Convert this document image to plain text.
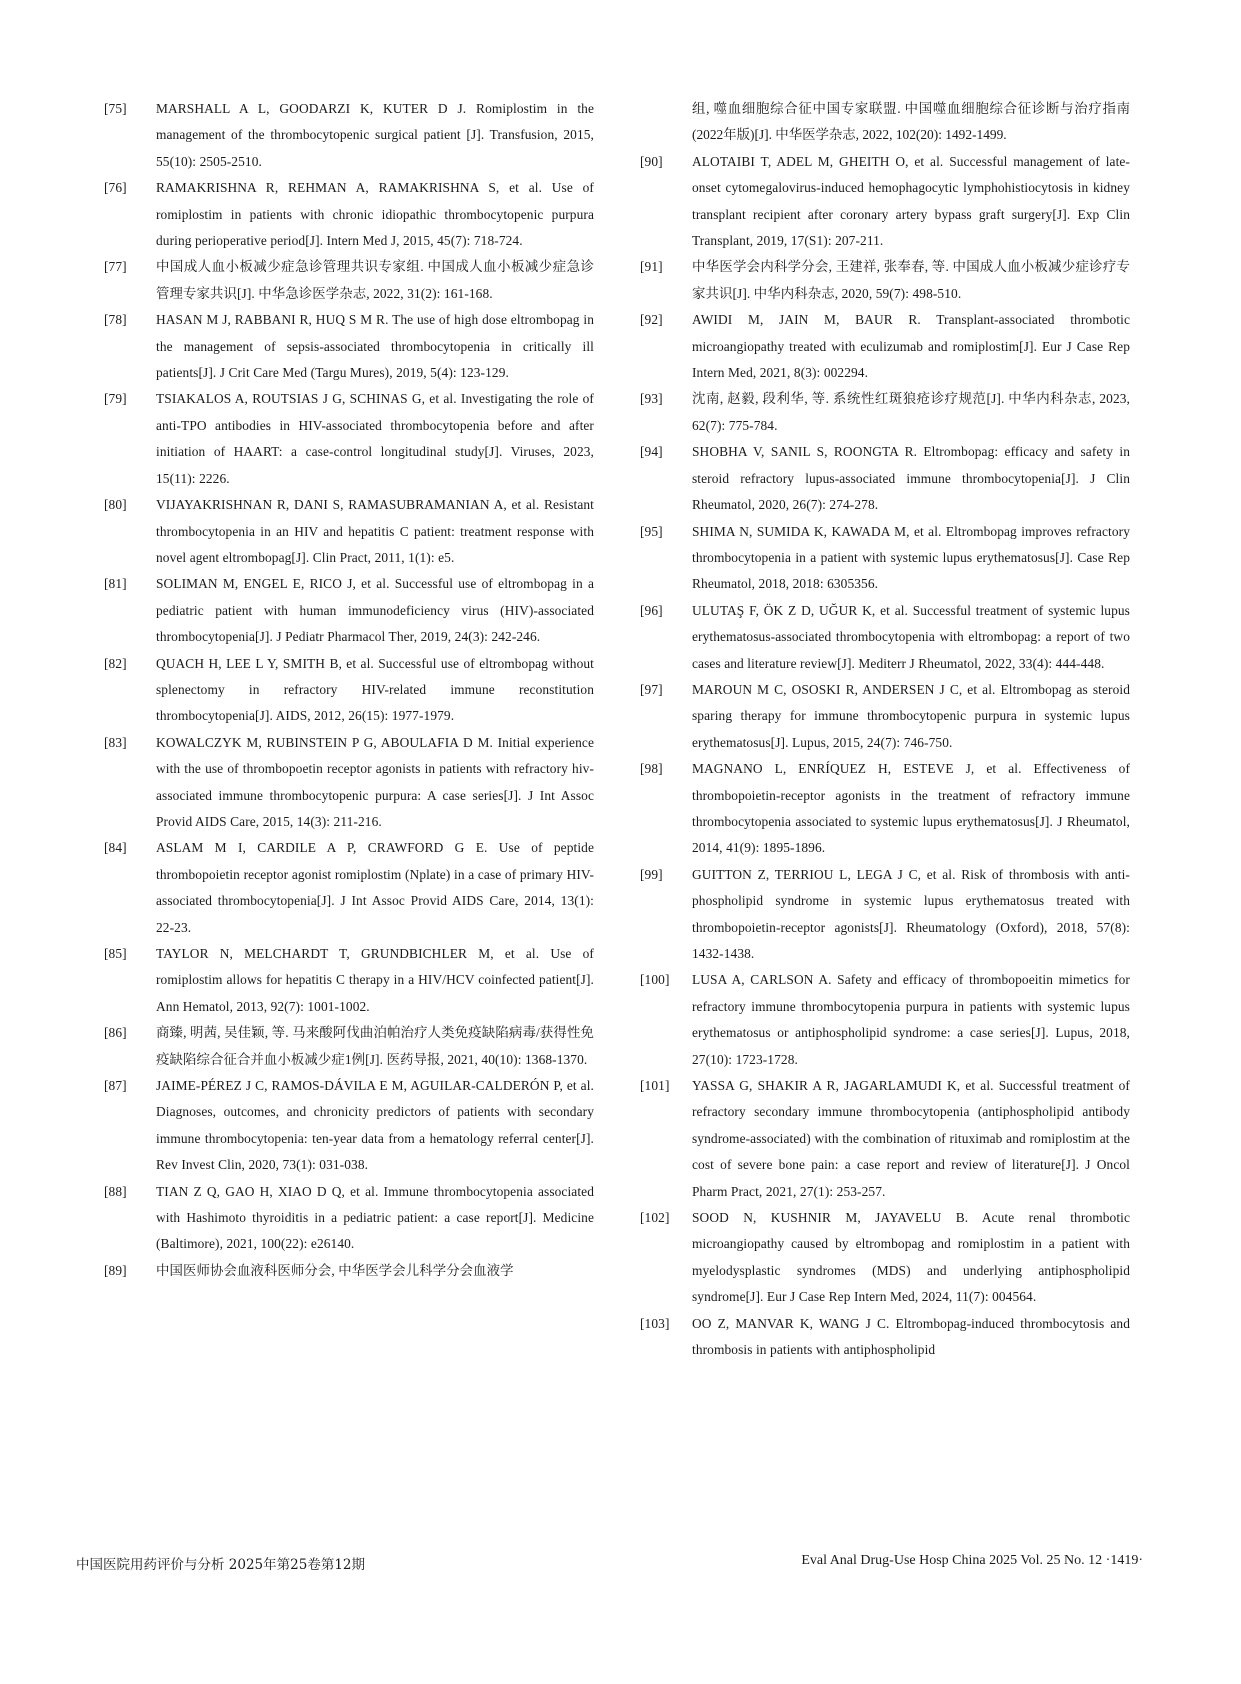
[75]	MARSHALL A L, GOODARZI K, KUTER D J. Romiplostim in the management of the thrombocytopenic surgical patient [J]. Transfusion, 2015, 55(10): 2505-2510.
[76]	RAMAKRISHNA R, REHMAN A, RAMAKRISHNA S, et al. Use of romiplostim in patients with chronic idiopathic thrombocytopenic purpura during perioperative period[J]. Intern Med J, 2015, 45(7): 718-724.
[77]	中国成人血小板减少症急诊管理共识专家组. 中国成人血小板减少症急诊管理专家共识[J]. 中华急诊医学杂志, 2022, 31(2): 161-168.
[78]	HASAN M J, RABBANI R, HUQ S M R. The use of high dose eltrombopag in the management of sepsis-associated thrombocytopenia in critically ill patients[J]. J Crit Care Med (Targu Mures), 2019, 5(4): 123-129.
[79]	TSIAKALOS A, ROUTSIAS J G, SCHINAS G, et al. Investigating the role of anti-TPO antibodies in HIV-associated thrombocytopenia before and after initiation of HAART: a case-control longitudinal study[J]. Viruses, 2023, 15(11): 2226.
[80]	VIJAYAKRISHNAN R, DANI S, RAMASUBRAMANIAN A, et al. Resistant thrombocytopenia in an HIV and hepatitis C patient: treatment response with novel agent eltrombopag[J]. Clin Pract, 2011, 1(1): e5.
[81]	SOLIMAN M, ENGEL E, RICO J, et al. Successful use of eltrombopag in a pediatric patient with human immunodeficiency virus (HIV)-associated thrombocytopenia[J]. J Pediatr Pharmacol Ther, 2019, 24(3): 242-246.
[82]	QUACH H, LEE L Y, SMITH B, et al. Successful use of eltrombopag without splenectomy in refractory HIV-related immune reconstitution thrombocytopenia[J]. AIDS, 2012, 26(15): 1977-1979.
[83]	KOWALCZYK M, RUBINSTEIN P G, ABOULAFIA D M. Initial experience with the use of thrombopoetin receptor agonists in patients with refractory hiv-associated immune thrombocytopenic purpura: A case series[J]. J Int Assoc Provid AIDS Care, 2015, 14(3): 211-216.
[84]	ASLAM M I, CARDILE A P, CRAWFORD G E. Use of peptide thrombopoietin receptor agonist romiplostim (Nplate) in a case of primary HIV-associated thrombocytopenia[J]. J Int Assoc Provid AIDS Care, 2014, 13(1): 22-23.
[85]	TAYLOR N, MELCHARDT T, GRUNDBICHLER M, et al. Use of romiplostim allows for hepatitis C therapy in a HIV/HCV coinfected patient[J]. Ann Hematol, 2013, 92(7): 1001-1002.
[86]	商臻, 明茜, 吴佳颖, 等. 马来酸阿伐曲泊帕治疗人类免疫缺陷病毒/获得性免疫缺陷综合征合并血小板减少症1例[J]. 医药导报, 2021, 40(10): 1368-1370.
[87]	JAIME-PÉREZ J C, RAMOS-DÁVILA E M, AGUILAR-CALDERÓN P, et al. Diagnoses, outcomes, and chronicity predictors of patients with secondary immune thrombocytopenia: ten-year data from a hematology referral center[J]. Rev Invest Clin, 2020, 73(1): 031-038.
[88]	TIAN Z Q, GAO H, XIAO D Q, et al. Immune thrombocytopenia associated with Hashimoto thyroiditis in a pediatric patient: a case report[J]. Medicine (Baltimore), 2021, 100(22): e26140.
[89]	中国医师协会血液科医师分会, 中华医学会儿科学分会血液学
组, 噬血细胞综合征中国专家联盟. 中国噬血细胞综合征诊断与治疗指南(2022年版)[J]. 中华医学杂志, 2022, 102(20): 1492-1499.
[90]	ALOTAIBI T, ADEL M, GHEITH O, et al. Successful management of late-onset cytomegalovirus-induced hemophagocytic lymphohistiocytosis in kidney transplant recipient after coronary artery bypass graft surgery[J]. Exp Clin Transplant, 2019, 17(S1): 207-211.
[91]	中华医学会内科学分会, 王建祥, 张奉春, 等. 中国成人血小板减少症诊疗专家共识[J]. 中华内科杂志, 2020, 59(7): 498-510.
[92]	AWIDI M, JAIN M, BAUR R. Transplant-associated thrombotic microangiopathy treated with eculizumab and romiplostim[J]. Eur J Case Rep Intern Med, 2021, 8(3): 002294.
[93]	沈南, 赵毅, 段利华, 等. 系统性红斑狼疮诊疗规范[J]. 中华内科杂志, 2023, 62(7): 775-784.
[94]	SHOBHA V, SANIL S, ROONGTA R. Eltrombopag: efficacy and safety in steroid refractory lupus-associated immune thrombocytopenia[J]. J Clin Rheumatol, 2020, 26(7): 274-278.
[95]	SHIMA N, SUMIDA K, KAWADA M, et al. Eltrombopag improves refractory thrombocytopenia in a patient with systemic lupus erythematosus[J]. Case Rep Rheumatol, 2018, 2018: 6305356.
[96]	ULUTAŞ F, ÖK Z D, UĞUR K, et al. Successful treatment of systemic lupus erythematosus-associated thrombocytopenia with eltrombopag: a report of two cases and literature review[J]. Mediterr J Rheumatol, 2022, 33(4): 444-448.
[97]	MAROUN M C, OSOSKI R, ANDERSEN J C, et al. Eltrombopag as steroid sparing therapy for immune thrombocytopenic purpura in systemic lupus erythematosus[J]. Lupus, 2015, 24(7): 746-750.
[98]	MAGNANO L, ENRÍQUEZ H, ESTEVE J, et al. Effectiveness of thrombopoietin-receptor agonists in the treatment of refractory immune thrombocytopenia associated to systemic lupus erythematosus[J]. J Rheumatol, 2014, 41(9): 1895-1896.
[99]	GUITTON Z, TERRIOU L, LEGA J C, et al. Risk of thrombosis with anti-phospholipid syndrome in systemic lupus erythematosus treated with thrombopoietin-receptor agonists[J]. Rheumatology (Oxford), 2018, 57(8): 1432-1438.
[100]	LUSA A, CARLSON A. Safety and efficacy of thrombopoeitin mimetics for refractory immune thrombocytopenia purpura in patients with systemic lupus erythematosus or antiphospholipid syndrome: a case series[J]. Lupus, 2018, 27(10): 1723-1728.
[101]	YASSA G, SHAKIR A R, JAGARLAMUDI K, et al. Successful treatment of refractory secondary immune thrombocytopenia (antiphospholipid antibody syndrome-associated) with the combination of rituximab and romiplostim at the cost of severe bone pain: a case report and review of literature[J]. J Oncol Pharm Pract, 2021, 27(1): 253-257.
[102]	SOOD N, KUSHNIR M, JAYAVELU B. Acute renal thrombotic microangiopathy caused by eltrombopag and romiplostim in a patient with myelodysplastic syndromes (MDS) and underlying antiphospholipid syndrome[J]. Eur J Case Rep Intern Med, 2024, 11(7): 004564.
[103]	OO Z, MANVAR K, WANG J C. Eltrombopag-induced thrombocytosis and thrombosis in patients with antiphospholipid
中国医院用药评价与分析 2025年第25卷第12期	Eval Anal Drug-Use Hosp China 2025 Vol. 25 No. 12 ·1419·
